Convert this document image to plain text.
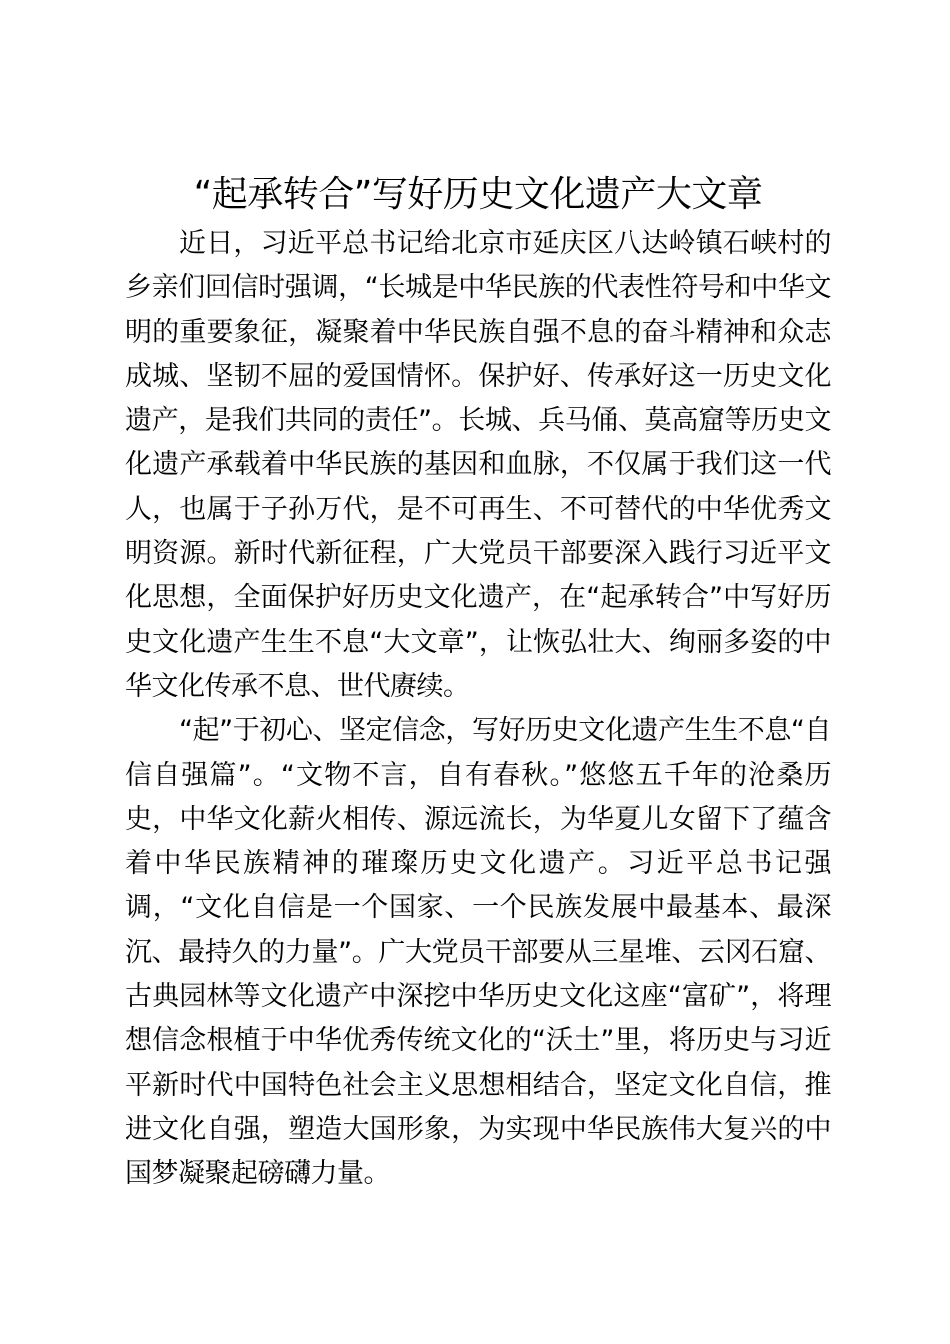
“起承转合”写好历史文化遗产大文章

近日，习近平总书记给北京市延庆区八达岭镇石峡村的乡亲们回信时强调，“长城是中华民族的代表性符号和中华文明的重要象征，凝聚着中华民族自强不息的奋斗精神和众志成城、坚韧不屈的爱国情怀。保护好、传承好这一历史文化遗产，是我们共同的责任”。长城、兵马俑、莫高窟等历史文化遗产承载着中华民族的基因和血脉，不仅属于我们这一代人，也属于子孙万代，是不可再生、不可替代的中华优秀文明资源。新时代新征程，广大党员干部要深入践行习近平文化思想，全面保护好历史文化遗产，在“起承转合”中写好历史文化遗产生生不息“大文章”，让恢弘壮大、绚丽多姿的中华文化传承不息、世代赓续。

“起”于初心、坚定信念，写好历史文化遗产生生不息“自信自强篇”。“文物不言，自有春秋。”悠悠五千年的沧桑历史，中华文化薪火相传、源远流长，为华夏儿女留下了蕴含着中华民族精神的璀璨历史文化遗产。习近平总书记强调，“文化自信是一个国家、一个民族发展中最基本、最深沉、最持久的力量”。广大党员干部要从三星堆、云冈石窟、古典园林等文化遗产中深挖中华历史文化这座“富矿”，将理想信念根植于中华优秀传统文化的“沃土”里，将历史与习近平新时代中国特色社会主义思想相结合，坚定文化自信，推进文化自强，塑造大国形象，为实现中华民族伟大复兴的中国梦凝聚起磅礴力量。
